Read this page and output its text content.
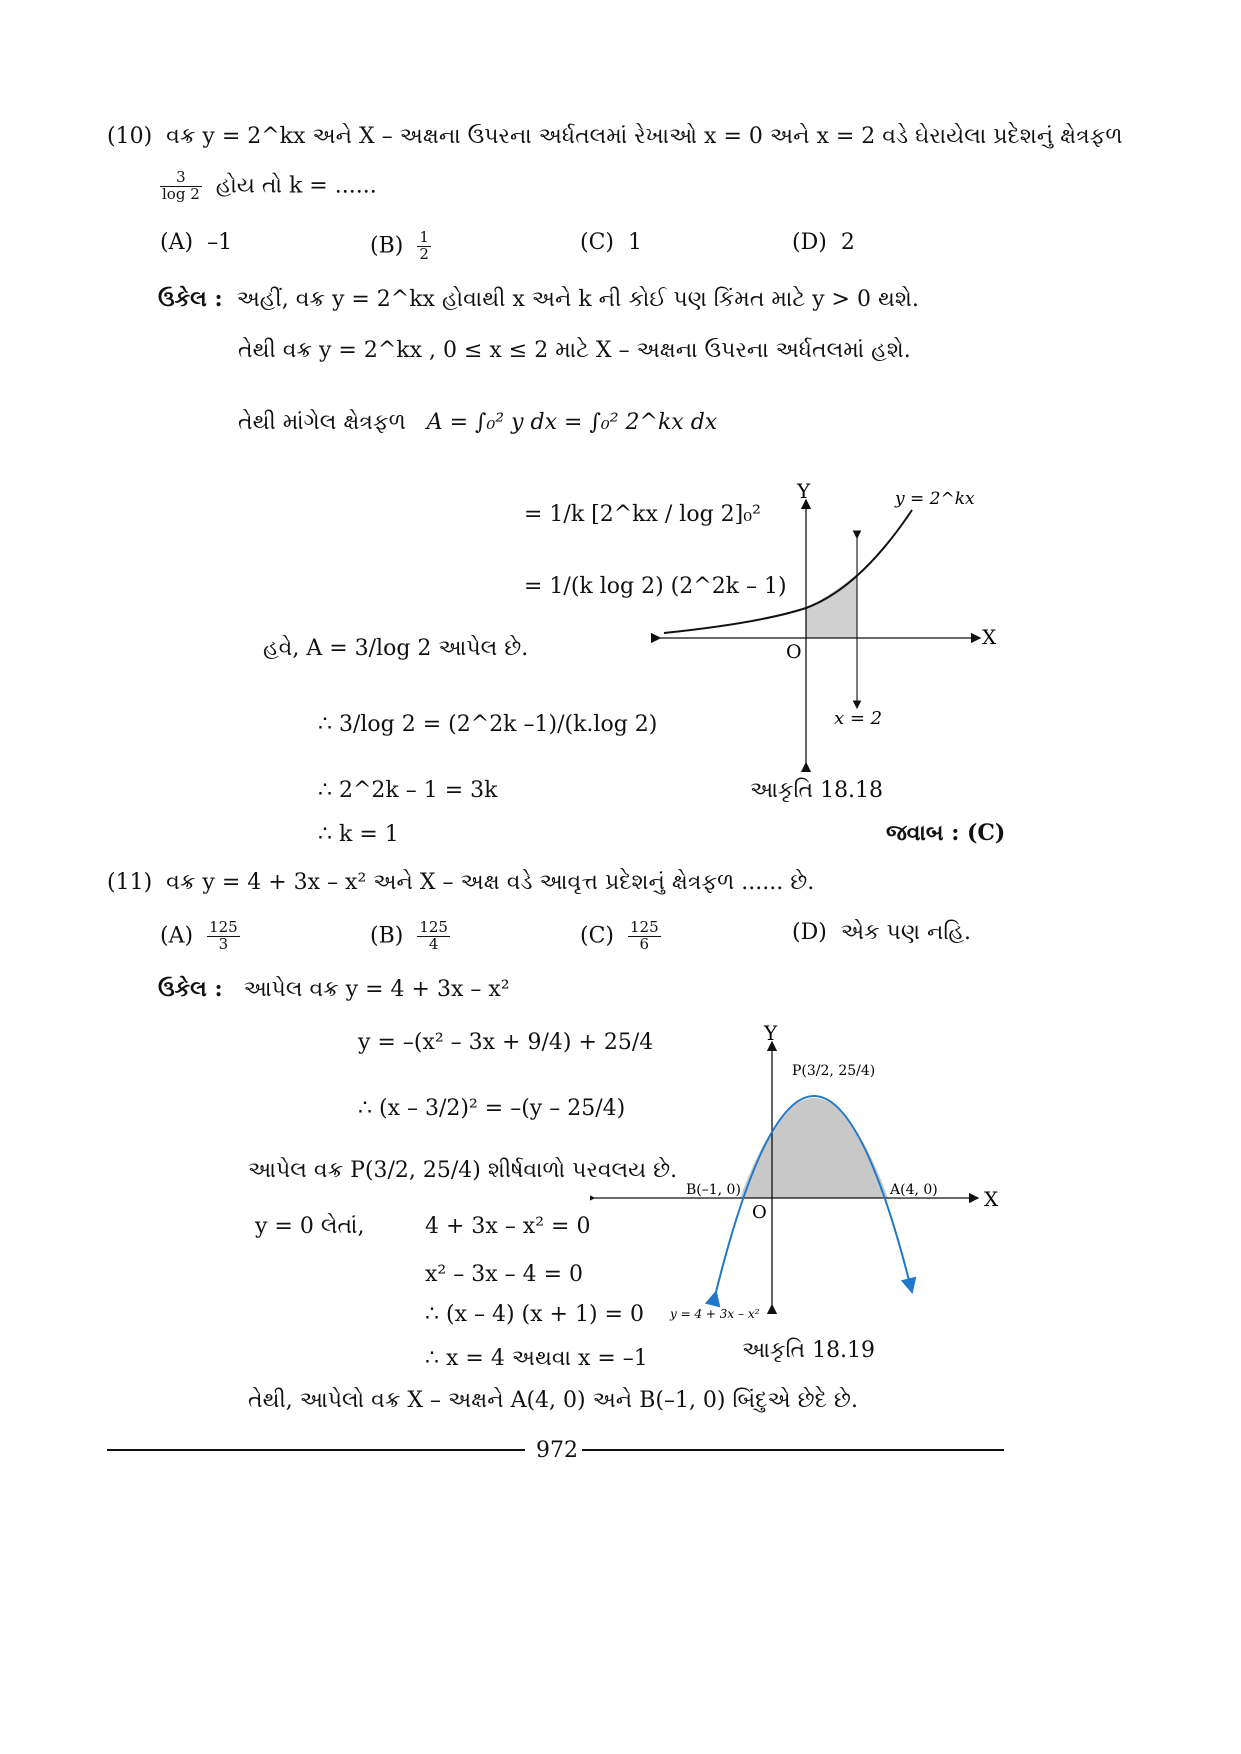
(10) વક્ર y = 2^kx અને X – અક્ષના ઉપરના અર્ધતલમાં રેખાઓ x = 0 અને x = 2 વડે ઘેરાયેલા પ્રદેશનું ક્ષેત્રફળ
$\frac{3}{\log 2}$ હોય તો k = ......
(A) –1	$(B) \frac{1}{2}$	(C) 1	(D) 2
ઉકેલ : અહીં, વક્ર y = 2^kx હોવાથી x અને k ની કોઈ પણ કિંમત માટે y > 0 થશે.
તેથી વક્ર y = 2^kx , 0 ≤ x ≤ 2 માટે X – અક્ષના ઉપરના અર્ધતલમાં હશે.
તેથી માંગેલ ક્ષેત્રફળ A = ∫₀² y dx = ∫₀² 2^kx dx
= 1/k [2^kx / log 2]₀²
= 1/(k log 2) (2^2k – 1)
હવે, A = 3/log 2 આપેલ છે.
∴ 3/log 2 = (2^2k –1)/(k.log 2)
∴ 2^2k – 1 = 3k
∴ k = 1	જવાબ : (C)
Y
X
O
y = 2^kx
x = 2
આકૃતિ 18.18
(11) વક્ર y = 4 + 3x – x² અને X – અક્ષ વડે આવૃત્ત પ્રદેશનું ક્ષેત્રફળ ...... છે.
$(A) \frac{125}{3}$	$(B) \frac{125}{4}$	$(C) \frac{125}{6}$	(D) એક પણ નહિ.
ઉકેલ : આપેલ વક્ર y = 4 + 3x – x²
y = –(x² – 3x + 9/4) + 25/4
∴ (x – 3/2)² = –(y – 25/4)
આપેલ વક્ર P(3/2, 25/4) શીર્ષવાળો પરવલય છે.
y = 0 લેતાં,	4 + 3x – x² = 0
x² – 3x – 4 = 0
∴ (x – 4) (x + 1) = 0
∴ x = 4 અથવા x = –1
Y
X
O
P(3/2, 25/4)
A(4, 0)
B(–1, 0)
y = 4 + 3x – x²
આકૃતિ 18.19
તેથી, આપેલો વક્ર X – અક્ષને A(4, 0) અને B(–1, 0) બિંદુએ છેદે છે.
972
